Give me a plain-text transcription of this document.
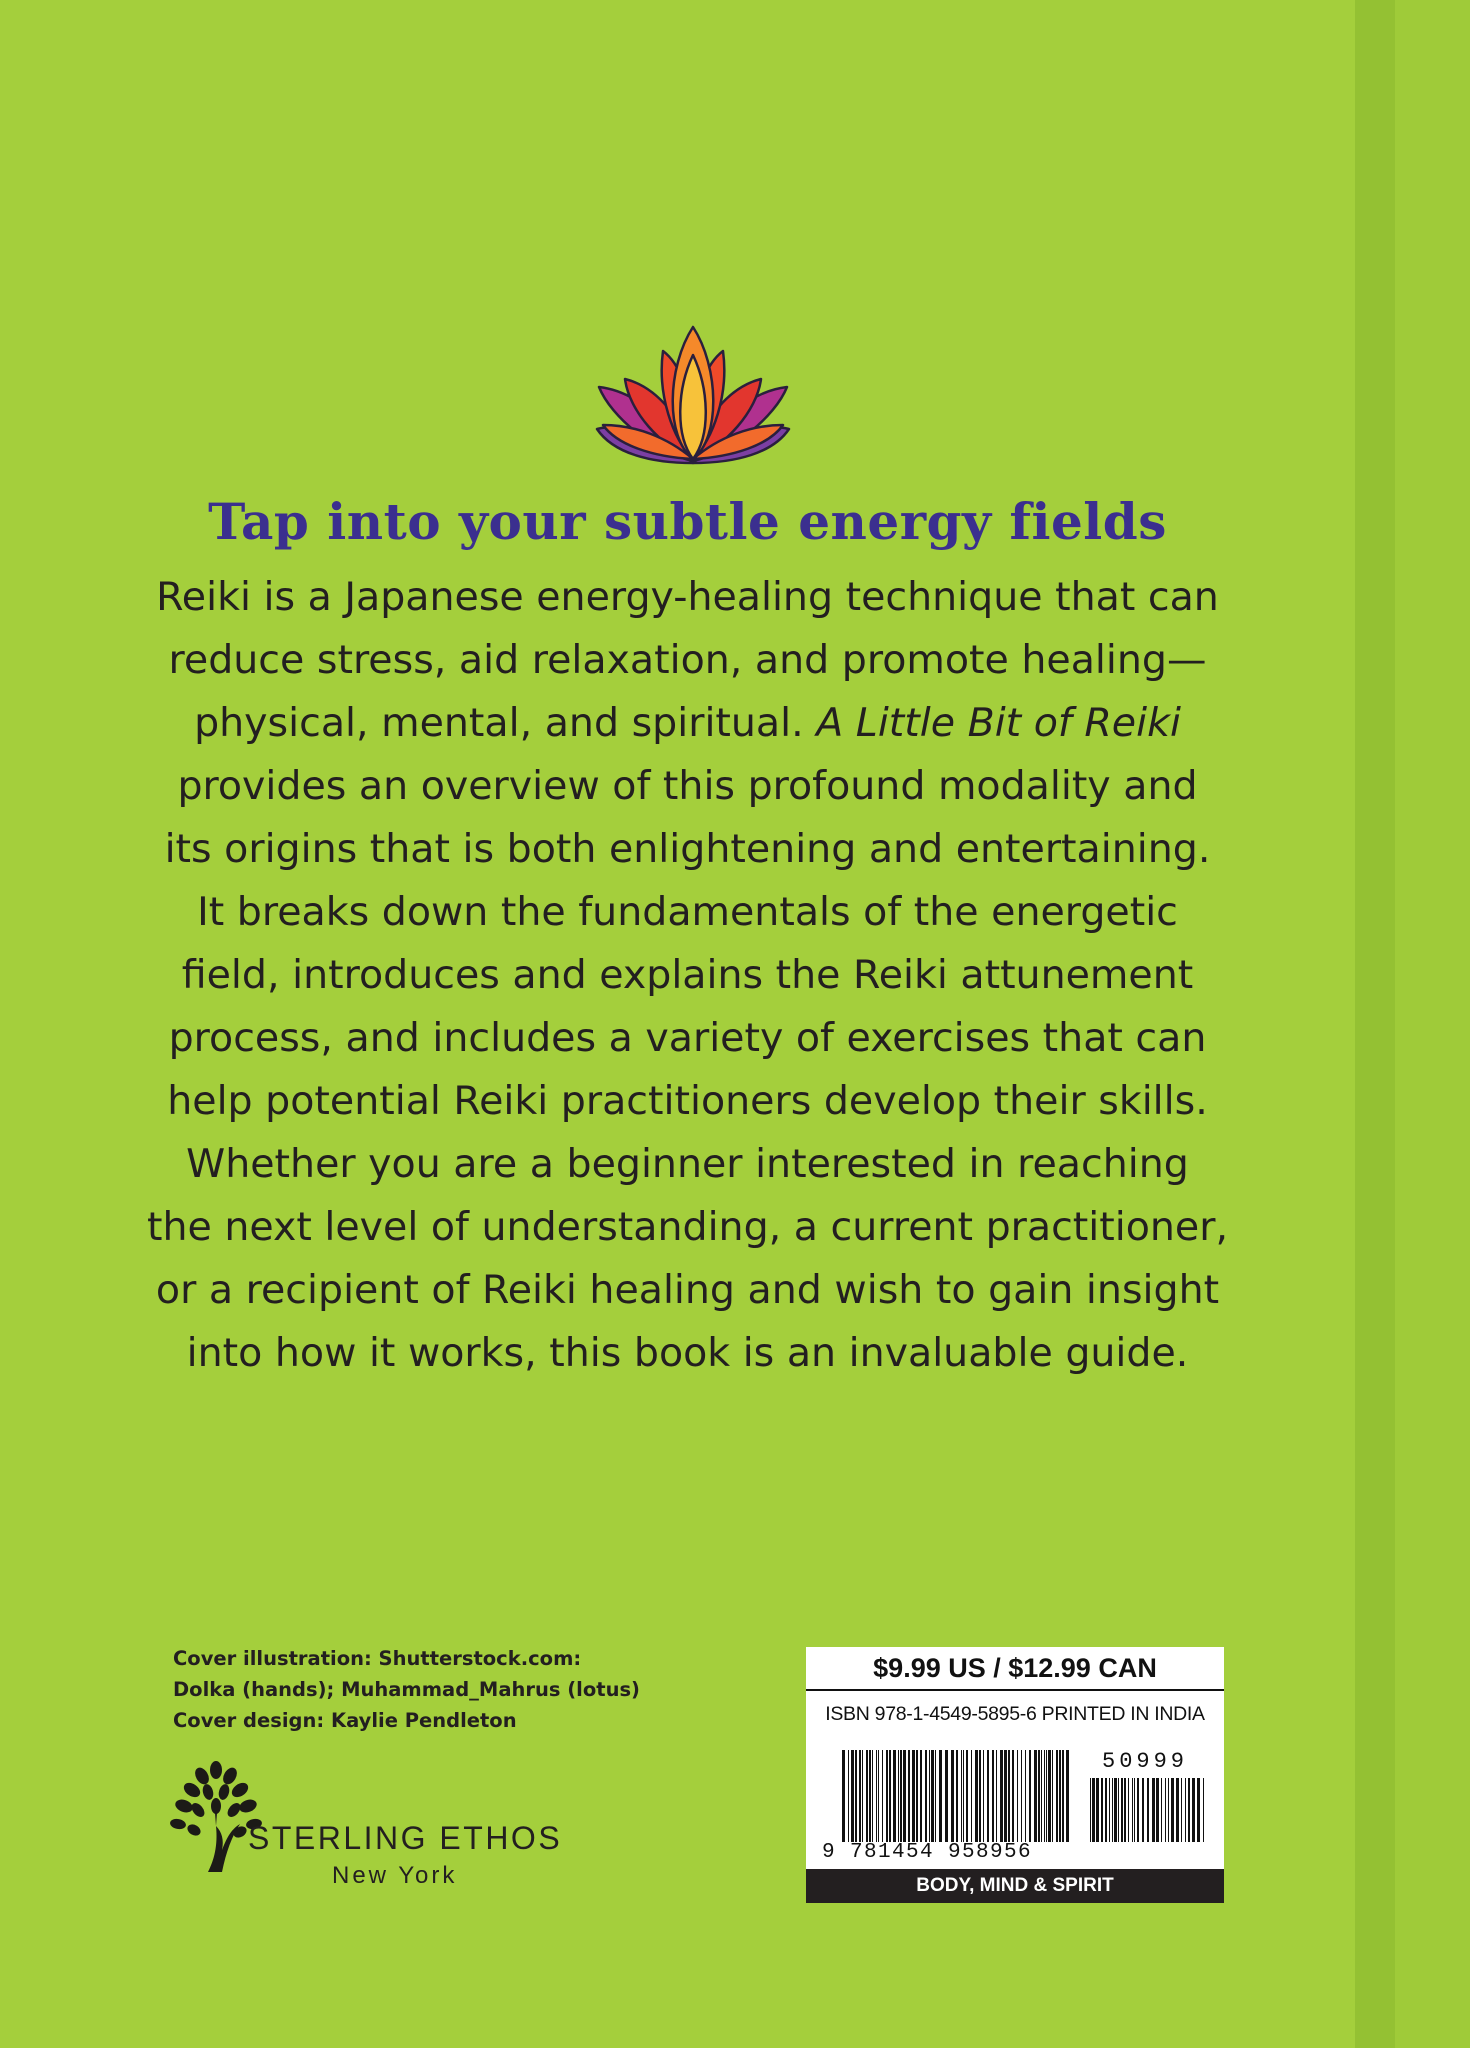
Tap into your subtle energy fields
Reiki is a Japanese energy-healing technique that can
reduce stress, aid relaxation, and promote healing—
physical, mental, and spiritual. A Little Bit of Reiki
provides an overview of this profound modality and
its origins that is both enlightening and entertaining.
It breaks down the fundamentals of the energetic
field, introduces and explains the Reiki attunement
process, and includes a variety of exercises that can
help potential Reiki practitioners develop their skills.
Whether you are a beginner interested in reaching
the next level of understanding, a current practitioner,
or a recipient of Reiki healing and wish to gain insight
into how it works, this book is an invaluable guide.
Cover illustration: Shutterstock.com:
Dolka (hands); Muhammad_Mahrus (lotus)
Cover design: Kaylie Pendleton
STERLING ETHOS
New York
$9.99 US / $12.99 CAN
ISBN 978-1-4549-5895-6 PRINTED IN INDIA
50999
9 781454 958956
BODY, MIND & SPIRIT
